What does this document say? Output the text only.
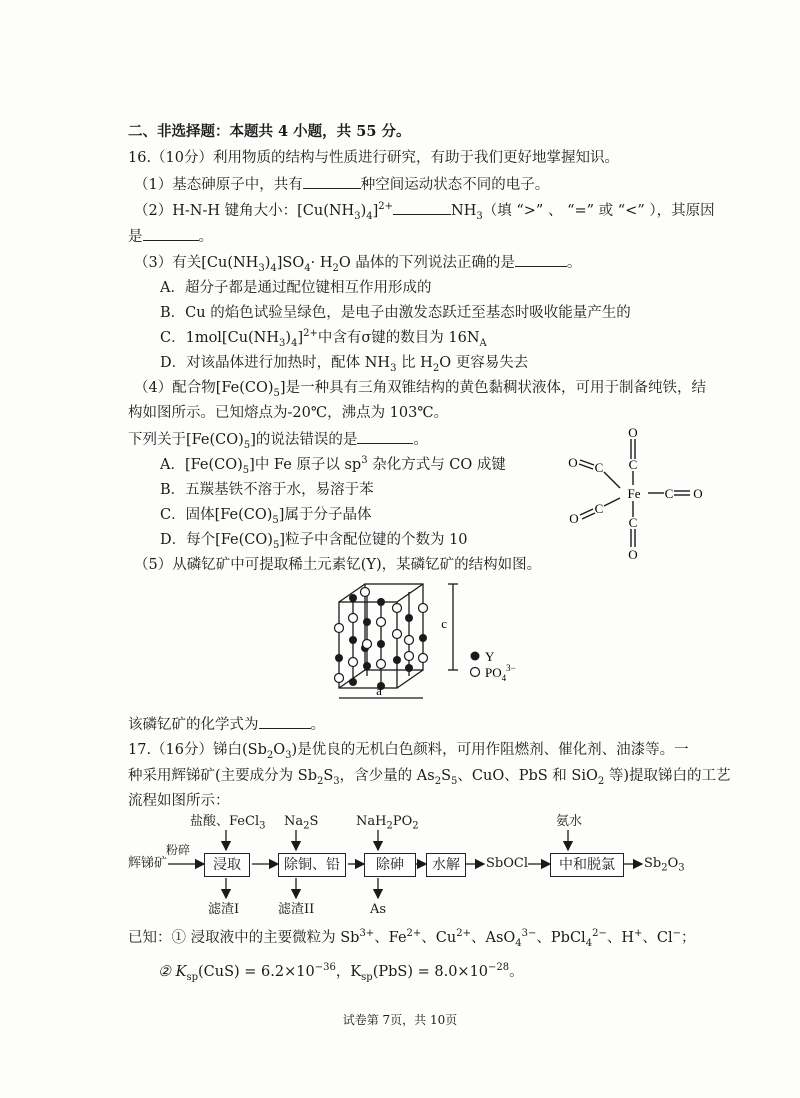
二、非选择题：本题共 4 小题，共 55 分。
16.（10分）利用物质的结构与性质进行研究，有助于我们更好地掌握知识。
（1）基态砷原子中，共有	种空间运动状态不同的电子。
（2）H-N-H 键角大小：$[Cu(NH_3)_4]^{2+}$	$NH_3$（填 “>” 、 “=” 或 “<” ），其原因
是	。
（3）有关$[Cu(NH_3)_4]SO_4\cdot H_2O$ 晶体的下列说法正确的是	。
A．超分子都是通过配位键相互作用形成的
B．Cu 的焰色试验呈绿色，是电子由激发态跃迁至基态时吸收能量产生的
C．$1mol[Cu(NH_3)_4]^{2+}$中含有σ键的数目为 $16N_A$
D．对该晶体进行加热时，配体 $NH_3$ 比 $H_2O$ 更容易失去
（4）配合物$[Fe(CO)_5]$是一种具有三角双锥结构的黄色黏稠状液体，可用于制备纯铁，结
构如图所示。已知熔点为-20℃，沸点为 103℃。
下列关于$[Fe(CO)_5]$的说法错误的是	。
A．$[Fe(CO)_5]$中 Fe 原子以 $sp^3$ 杂化方式与 CO 成键
B．五羰基铁不溶于水，易溶于苯
C．固体$[Fe(CO)_5]$属于分子晶体
D．每个$[Fe(CO)_5]$粒子中含配位键的个数为 10
O
C
Fe
C
O
C O
C
O
C
O
（5）从磷钇矿中可提取稀土元素钇(Y)，某磷钇矿的结构如图。
c
a
Y
$PO_4^{3-}$
该磷钇矿的化学式为	。
17.（16分）锑白$(Sb_2O_3)$是优良的无机白色颜料，可用作阻燃剂、催化剂、油漆等。一
种采用辉锑矿(主要成分为 $Sb_2S_3$，含少量的 $As_2S_5$、CuO、PbS 和 SiO$_2$ 等)提取锑白的工艺
流程如图所示：
辉锑矿
粉碎
浸取	除铜、铅	除砷	水解	中和脱氯
SbOCl	$Sb_2O_3$
盐酸、FeCl$_3$ $Na_2S$	$NaH_2PO_2$	氨水
滤渣I	滤渣II	As
已知：① 浸取液中的主要微粒为 $Sb^{3+}$、$Fe^{2+}$、$Cu^{2+}$、AsO$_4^{3-}$、PbCl$_4^{2-}$、H+、Cl−；
② $K_{sp}(CuS) = 6.2\times 10^{-36}$，$K_{sp}(PbS) = 8.0\times 10^{-28}$。
试卷第 7页，共 10页
